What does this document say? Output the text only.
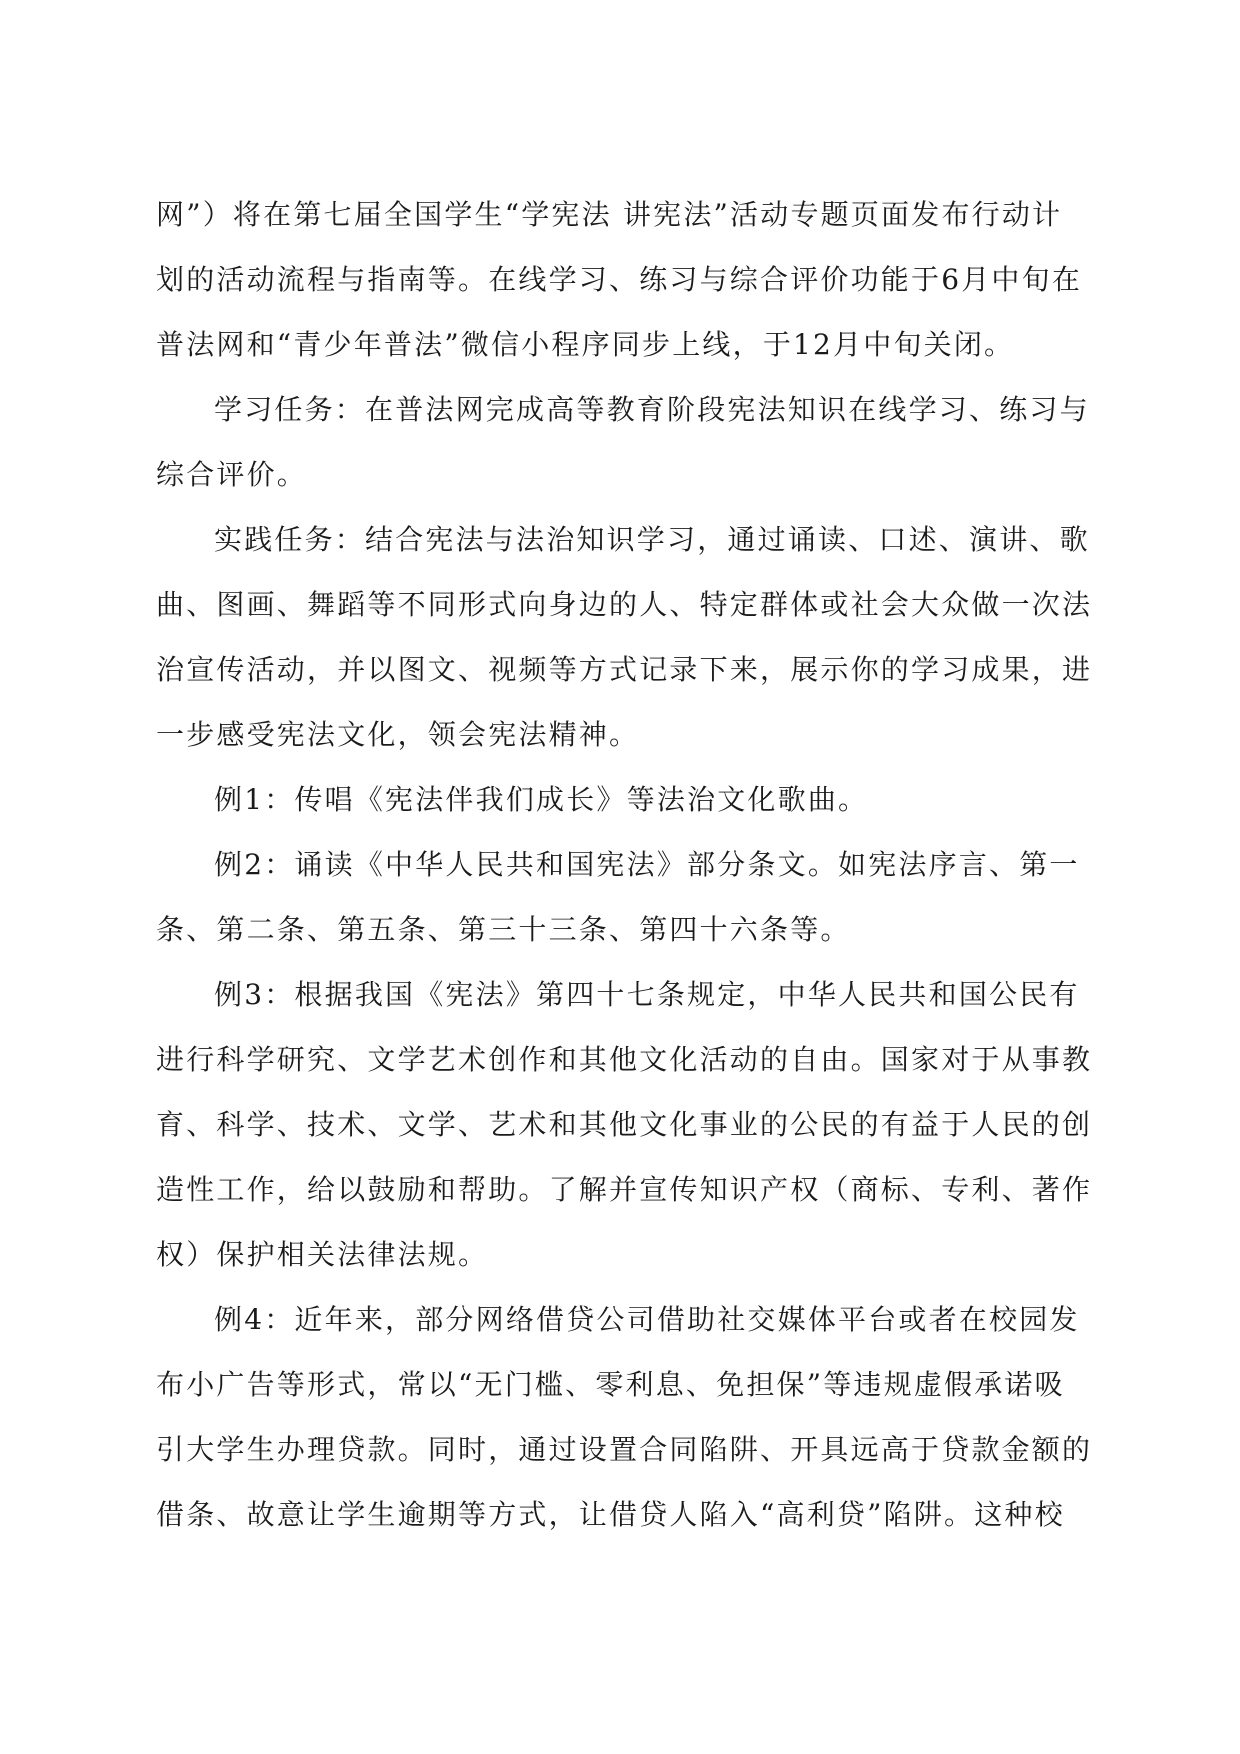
网”）将在第七届全国学生“学宪法 讲宪法”活动专题页面发布行动计
划的活动流程与指南等。在线学习、练习与综合评价功能于6月中旬在
普法网和“青少年普法”微信小程序同步上线，于12月中旬关闭。
学习任务：在普法网完成高等教育阶段宪法知识在线学习、练习与
综合评价。
实践任务：结合宪法与法治知识学习，通过诵读、口述、演讲、歌
曲、图画、舞蹈等不同形式向身边的人、特定群体或社会大众做一次法
治宣传活动，并以图文、视频等方式记录下来，展示你的学习成果，进
一步感受宪法文化，领会宪法精神。
例1：传唱《宪法伴我们成长》等法治文化歌曲。
例2：诵读《中华人民共和国宪法》部分条文。如宪法序言、第一
条、第二条、第五条、第三十三条、第四十六条等。
例3：根据我国《宪法》第四十七条规定，中华人民共和国公民有
进行科学研究、文学艺术创作和其他文化活动的自由。国家对于从事教
育、科学、技术、文学、艺术和其他文化事业的公民的有益于人民的创
造性工作，给以鼓励和帮助。了解并宣传知识产权（商标、专利、著作
权）保护相关法律法规。
例4：近年来，部分网络借贷公司借助社交媒体平台或者在校园发
布小广告等形式，常以“无门槛、零利息、免担保”等违规虚假承诺吸
引大学生办理贷款。同时，通过设置合同陷阱、开具远高于贷款金额的
借条、故意让学生逾期等方式，让借贷人陷入“高利贷”陷阱。这种校
